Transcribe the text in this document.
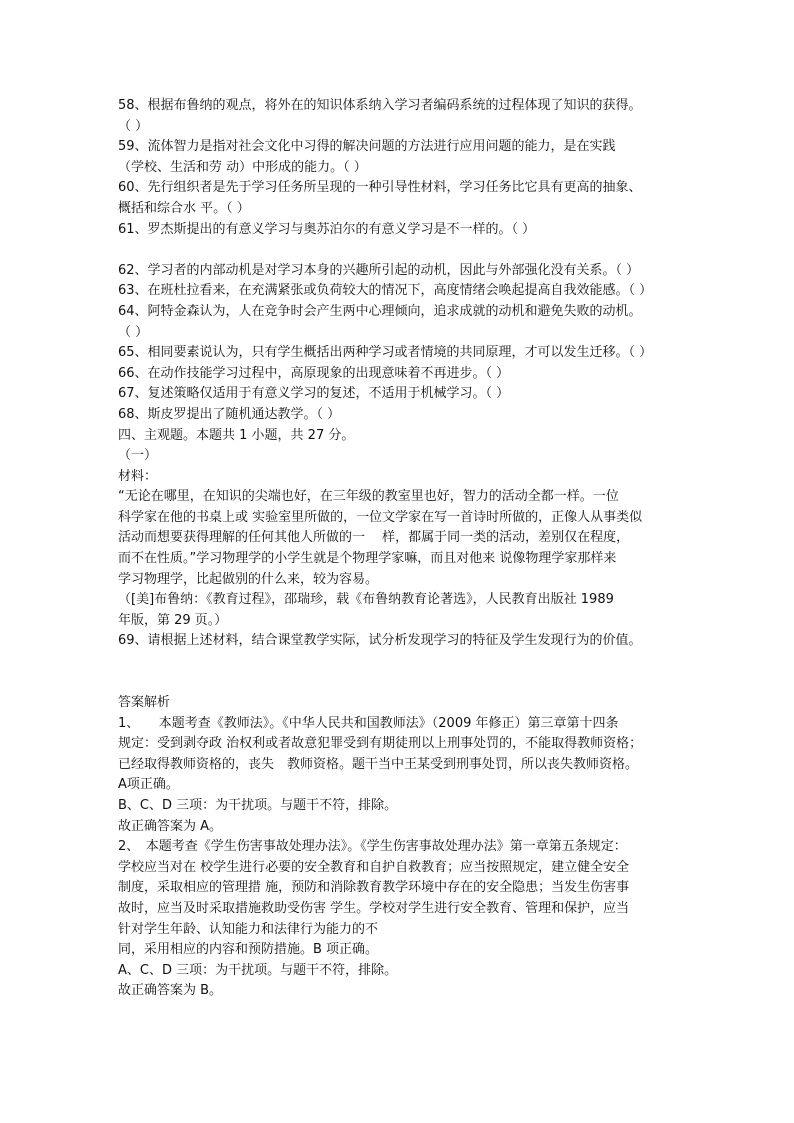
58、根据布鲁纳的观点，将外在的知识体系纳入学习者编码系统的过程体现了知识的获得。
（ ）
59、流体智力是指对社会文化中习得的解决问题的方法进行应用问题的能力，是在实践
（学校、生活和劳 动）中形成的能力。（ ）
60、先行组织者是先于学习任务所呈现的一种引导性材料，学习任务比它具有更高的抽象、
概括和综合水 平。（ ）
61、罗杰斯提出的有意义学习与奥苏泊尔的有意义学习是不一样的。（ ）
62、学习者的内部动机是对学习本身的兴趣所引起的动机，因此与外部强化没有关系。（ ）
63、在班杜拉看来，在充满紧张或负荷较大的情况下，高度情绪会唤起提高自我效能感。（ ）
64、阿特金森认为，人在竞争时会产生两中心理倾向，追求成就的动机和避免失败的动机。
（ ）
65、相同要素说认为，只有学生概括出两种学习或者情境的共同原理，才可以发生迁移。（ ）
66、在动作技能学习过程中，高原现象的出现意味着不再进步。（ ）
67、复述策略仅适用于有意义学习的复述，不适用于机械学习。（ ）
68、斯皮罗提出了随机通达教学。（ ）
四、主观题。本题共 1 小题，共 27 分。
（一）
材料：
“无论在哪里，在知识的尖端也好，在三年级的教室里也好，智力的活动全都一样。一位
科学家在他的书桌上或 实验室里所做的，一位文学家在写一首诗时所做的，正像人从事类似
活动而想要获得理解的任何其他人所做的一　 样，都属于同一类的活动，差别仅在程度，
而不在性质。”学习物理学的小学生就是个物理学家嘛，而且对他来 说像物理学家那样来
学习物理学，比起做别的什么来，较为容易。
（[美]布鲁纳：《教育过程》，邵瑞珍，载《布鲁纳教育论著选》，人民教育出版社 1989
年版，第 29 页。）
69、请根据上述材料，结合课堂教学实际，试分析发现学习的特征及学生发现行为的价值。
答案解析
1、　　本题考查《教师法》。《中华人民共和国教师法》（2009 年修正）第三章第十四条
规定：受到剥夺政 治权利或者故意犯罪受到有期徒刑以上刑事处罚的，不能取得教师资格；
已经取得教师资格的，丧失　教师资格。题干当中王某受到刑事处罚，所以丧失教师资格。
A项正确。
B、C、D 三项：为干扰项。与题干不符，排除。
故正确答案为 A。
2、　本题考查《学生伤害事故处理办法》。《学生伤害事故处理办法》第一章第五条规定：
学校应当对在 校学生进行必要的安全教育和自护自救教育；应当按照规定，建立健全安全
制度，采取相应的管理措 施，预防和消除教育教学环境中存在的安全隐患；当发生伤害事
故时，应当及时采取措施救助受伤害 学生。学校对学生进行安全教育、管理和保护，应当
针对学生年龄、认知能力和法律行为能力的不
同，采用相应的内容和预防措施。B 项正确。
A、C、D 三项：为干扰项。与题干不符，排除。
故正确答案为 B。
